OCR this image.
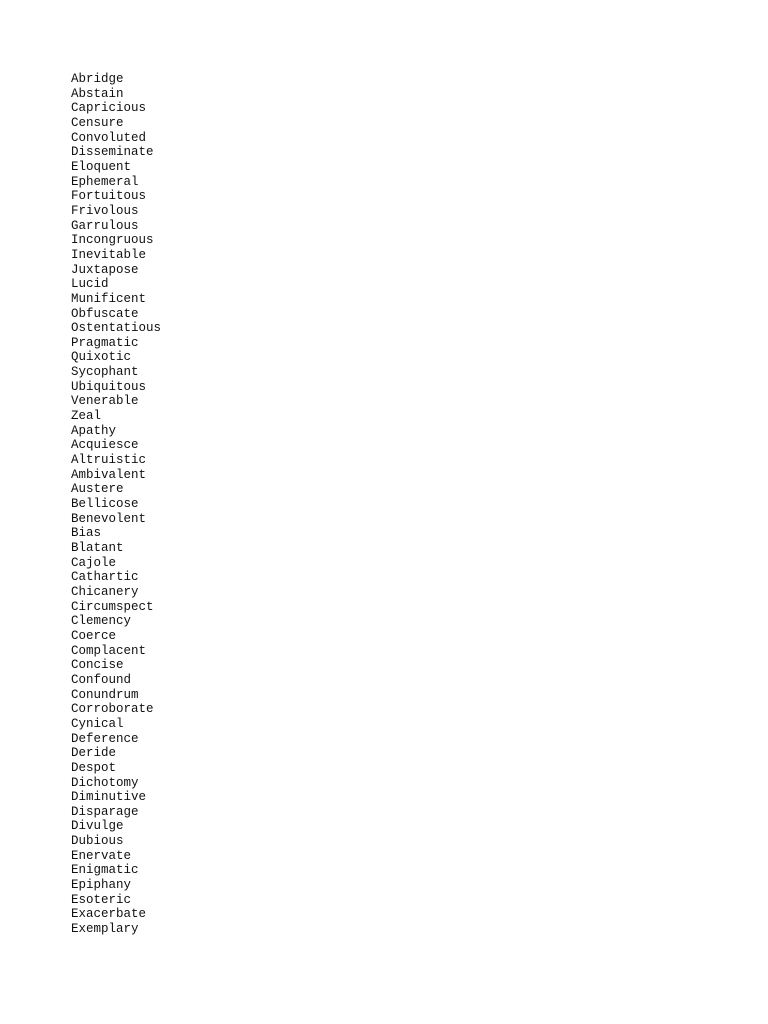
Abridge
Abstain
Capricious
Censure
Convoluted
Disseminate
Eloquent
Ephemeral
Fortuitous
Frivolous
Garrulous
Incongruous
Inevitable
Juxtapose
Lucid
Munificent
Obfuscate
Ostentatious
Pragmatic
Quixotic
Sycophant
Ubiquitous
Venerable
Zeal
Apathy
Acquiesce
Altruistic
Ambivalent
Austere
Bellicose
Benevolent
Bias
Blatant
Cajole
Cathartic
Chicanery
Circumspect
Clemency
Coerce
Complacent
Concise
Confound
Conundrum
Corroborate
Cynical
Deference
Deride
Despot
Dichotomy
Diminutive
Disparage
Divulge
Dubious
Enervate
Enigmatic
Epiphany
Esoteric
Exacerbate
Exemplary
